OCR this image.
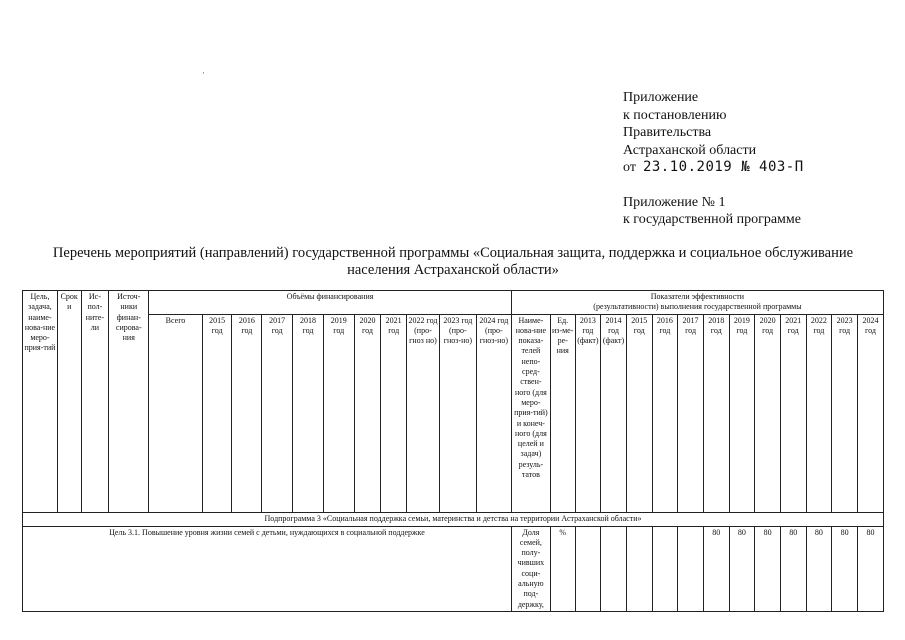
Приложение
к постановлению
Правительства
Астраханской области
от 23.10.2019 № 403-П
Приложение № 1
к государственной программе
·
Перечень мероприятий (направлений) государственной программы «Социальная защита, поддержка и социальное обслуживание населения Астраханской области»
Цель, задача, наиме-нова-ние меро-прия-тий	Сроки	Ис-пол-ните-ли	Источ-ники финан-сирова-ния	Объёмы финансирования											Показатели эффективности
(результативности) выполнения государственной программы													
				Всего	2015 год	2016 год	2017 год	2018 год	2019 год	2020 год	2021 год	2022 год (про-гноз но)	2023 год (про-гноз-но)	2024 год (про-гноз-но)	Наиме-нова-ние показа-телей непо-сред-ствен-ного (для меро-прия-тий) и конеч-ного (для целей и задач) резуль-татов	Ед. из-ме-ре-ния	2013 год (факт)	2014 год (факт)	2015 год	2016 год	2017 год	2018 год	2019 год	2020 год	2021 год	2022 год	2023 год	2024 год
Подпрограмма 3 «Социальная поддержка семьи, материнства и детства на территории Астраханской области»																												
Цель 3.1. Повышение уровня жизни семей с детьми, нуждающихся в социальной поддержке															Доля семей, полу-чивших соци-альную под-держку,	%						80	80	80	80	80	80	80
